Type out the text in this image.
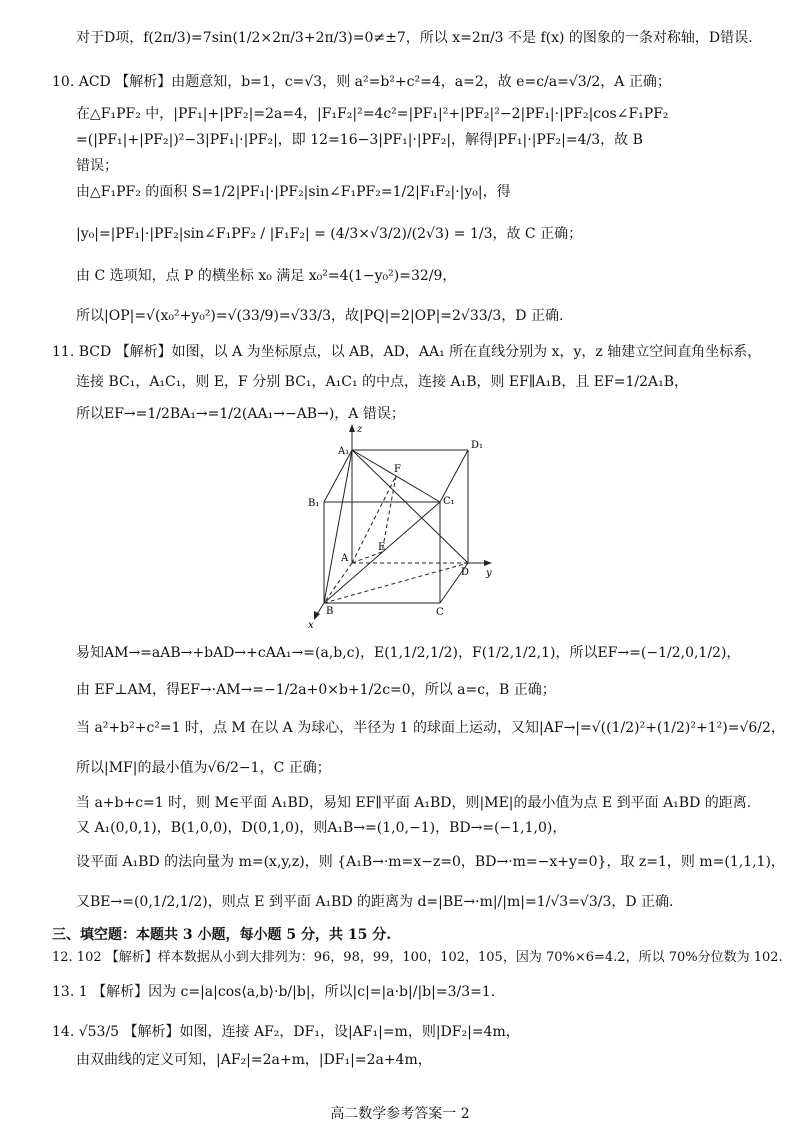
对于D项，f(2π/3)=7sin(1/2×2π/3+2π/3)=0≠±7，所以 x=2π/3 不是 f(x) 的图象的一条对称轴，D错误.
10. ACD 【解析】由题意知，b=1，c=√3，则 a²=b²+c²=4，a=2，故 e=c/a=√3/2，A 正确；
在△F₁PF₂ 中，|PF₁|+|PF₂|=2a=4，|F₁F₂|²=4c²=|PF₁|²+|PF₂|²−2|PF₁|·|PF₂|cos∠F₁PF₂
=(|PF₁|+|PF₂|)²−3|PF₁|·|PF₂|，即 12=16−3|PF₁|·|PF₂|，解得|PF₁|·|PF₂|=4/3，故 B
错误；
由△F₁PF₂ 的面积 S=1/2|PF₁|·|PF₂|sin∠F₁PF₂=1/2|F₁F₂|·|y₀|，得
|y₀|=|PF₁|·|PF₂|sin∠F₁PF₂ / |F₁F₂| = (4/3×√3/2)/(2√3) = 1/3，故 C 正确；
由 C 选项知，点 P 的横坐标 x₀ 满足 x₀²=4(1−y₀²)=32/9，
所以|OP|=√(x₀²+y₀²)=√(33/9)=√33/3，故|PQ|=2|OP|=2√33/3，D 正确.
11. BCD 【解析】如图，以 A 为坐标原点，以 AB，AD，AA₁ 所在直线分别为 x，y，z 轴建立空间直角坐标系，
连接 BC₁，A₁C₁，则 E，F 分别 BC₁，A₁C₁ 的中点，连接 A₁B，则 EF∥A₁B，且 EF=1/2A₁B，
所以EF→=1/2BA₁→=1/2(AA₁→−AB→)，A 错误；
易知AM→=aAB→+bAD→+cAA₁→=(a,b,c)，E(1,1/2,1/2)，F(1/2,1/2,1)，所以EF→=(−1/2,0,1/2)，
由 EF⊥AM，得EF→·AM→=−1/2a+0×b+1/2c=0，所以 a=c，B 正确；
当 a²+b²+c²=1 时，点 M 在以 A 为球心，半径为 1 的球面上运动，又知|AF→|=√((1/2)²+(1/2)²+1²)=√6/2，
所以|MF|的最小值为√6/2−1，C 正确；
当 a+b+c=1 时，则 M∈平面 A₁BD，易知 EF∥平面 A₁BD，则|ME|的最小值为点 E 到平面 A₁BD 的距离.
又 A₁(0,0,1)，B(1,0,0)，D(0,1,0)，则A₁B→=(1,0,−1)，BD→=(−1,1,0)，
设平面 A₁BD 的法向量为 m=(x,y,z)，则 {A₁B→·m=x−z=0，BD→·m=−x+y=0}，取 z=1，则 m=(1,1,1)，
又BE→=(0,1/2,1/2)，则点 E 到平面 A₁BD 的距离为 d=|BE→·m|/|m|=1/√3=√3/3，D 正确.
三、填空题：本题共 3 小题，每小题 5 分，共 15 分.
12. 102 【解析】样本数据从小到大排列为：96，98，99，100，102，105，因为 70%×6=4.2，所以 70%分位数为 102.
13. 1 【解析】因为 c=|a|cos⟨a,b⟩·b/|b|，所以|c|=|a·b|/|b|=3/3=1.
14. √53/5 【解析】如图，连接 AF₂，DF₁，设|AF₁|=m，则|DF₂|=4m，
由双曲线的定义可知，|AF₂|=2a+m，|DF₁|=2a+4m，
z
y
x
A₁
D₁
B₁	C₁
F
E
A
D
B	C
高二数学参考答案一 2
